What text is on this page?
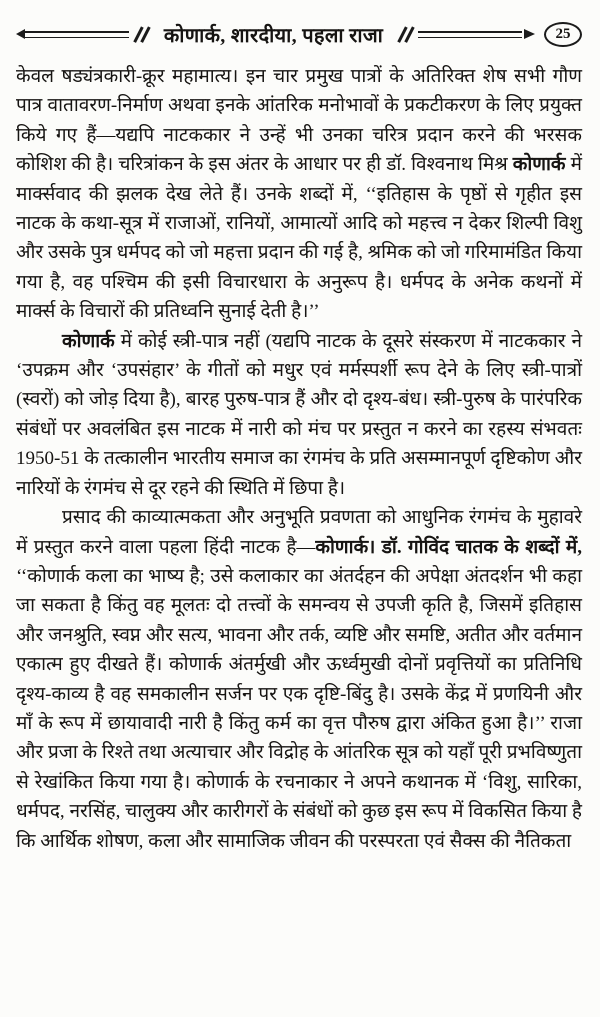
कोणार्क, शारदीया, पहला राजा	25

केवल षड्यंत्रकारी-क्रूर महामात्य। इन चार प्रमुख पात्रों के अतिरिक्त शेष सभी गौण पात्र वातावरण-निर्माण अथवा इनके आंतरिक मनोभावों के प्रकटीकरण के लिए प्रयुक्त किये गए हैं—यद्यपि नाटककार ने उन्हें भी उनका चरित्र प्रदान करने की भरसक कोशिश की है। चरित्रांकन के इस अंतर के आधार पर ही डॉ. विश्वनाथ मिश्र कोणार्क में मार्क्सवाद की झलक देख लेते हैं। उनके शब्दों में, ‘‘इतिहास के पृष्ठों से गृहीत इस नाटक के कथा-सूत्र में राजाओं, रानियों, आमात्यों आदि को महत्त्व न देकर शिल्पी विशु और उसके पुत्र धर्मपद को जो महत्ता प्रदान की गई है, श्रमिक को जो गरिमामंडित किया गया है, वह पश्चिम की इसी विचारधारा के अनुरूप है। धर्मपद के अनेक कथनों में मार्क्स के विचारों की प्रतिध्वनि सुनाई देती है।’’

कोणार्क में कोई स्त्री-पात्र नहीं (यद्यपि नाटक के दूसरे संस्करण में नाटककार ने ‘उपक्रम और ‘उपसंहार’ के गीतों को मधुर एवं मर्मस्पर्शी रूप देने के लिए स्त्री-पात्रों (स्वरों) को जोड़ दिया है), बारह पुरुष-पात्र हैं और दो दृश्य-बंध। स्त्री-पुरुष के पारंपरिक संबंधों पर अवलंबित इस नाटक में नारी को मंच पर प्रस्तुत न करने का रहस्य संभवतः 1950-51 के तत्कालीन भारतीय समाज का रंगमंच के प्रति असम्मानपूर्ण दृष्टिकोण और नारियों के रंगमंच से दूर रहने की स्थिति में छिपा है।

प्रसाद की काव्यात्मकता और अनुभूति प्रवणता को आधुनिक रंगमंच के मुहावरे में प्रस्तुत करने वाला पहला हिंदी नाटक है—कोणार्क। डॉ. गोविंद चातक के शब्दों में, ‘‘कोणार्क कला का भाष्य है; उसे कलाकार का अंतर्दहन की अपेक्षा अंतदर्शन भी कहा जा सकता है किंतु वह मूलतः दो तत्त्वों के समन्वय से उपजी कृति है, जिसमें इतिहास और जनश्रुति, स्वप्न और सत्य, भावना और तर्क, व्यष्टि और समष्टि, अतीत और वर्तमान एकात्म हुए दीखते हैं। कोणार्क अंतर्मुखी और ऊर्ध्वमुखी दोनों प्रवृत्तियों का प्रतिनिधि दृश्य-काव्य है वह समकालीन सर्जन पर एक दृष्टि-बिंदु है। उसके केंद्र में प्रणयिनी और माँ के रूप में छायावादी नारी है किंतु कर्म का वृत्त पौरुष द्वारा अंकित हुआ है।’’ राजा और प्रजा के रिश्ते तथा अत्याचार और विद्रोह के आंतरिक सूत्र को यहाँ पूरी प्रभविष्णुता से रेखांकित किया गया है। कोणार्क के रचनाकार ने अपने कथानक में ‘विशु, सारिका, धर्मपद, नरसिंह, चालुक्य और कारीगरों के संबंधों को कुछ इस रूप में विकसित किया है कि आर्थिक शोषण, कला और सामाजिक जीवन की परस्परता एवं सैक्स की नैतिकता
